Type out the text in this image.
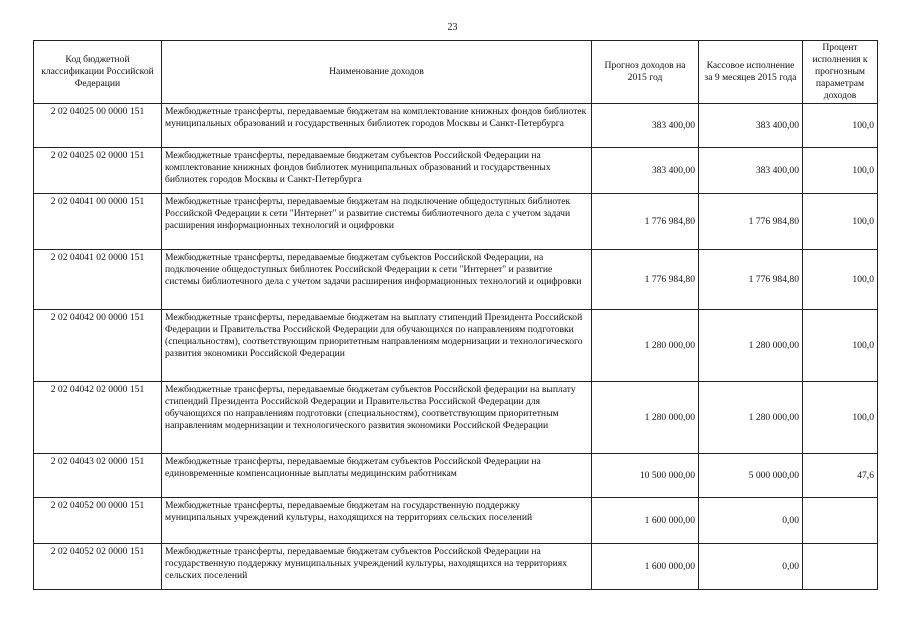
23
Код бюджетной классификации Российской Федерации	Наименование доходов	Прогноз доходов на 2015 год	Кассовое исполнение за 9 месяцев 2015 года	Процент исполнения к прогнозным параметрам доходов
2 02 04025 00 0000 151	Межбюджетные трансферты, передаваемые бюджетам на комплектование книжных фондов библиотек муниципальных образований и государственных библиотек городов Москвы и Санкт-Петербурга	383 400,00	383 400,00	100,0
2 02 04025 02 0000 151	Межбюджетные трансферты, передаваемые бюджетам субъектов Российской Федерации на комплектование книжных фондов библиотек муниципальных образований и государственных библиотек городов Москвы и Санкт-Петербурга	383 400,00	383 400,00	100,0
2 02 04041 00 0000 151	Межбюджетные трансферты, передаваемые бюджетам на подключение общедоступных библиотек Российской Федерации к сети "Интернет" и развитие системы библиотечного дела с учетом задачи расширения информационных технологий и оцифровки	1 776 984,80	1 776 984,80	100,0
2 02 04041 02 0000 151	Межбюджетные трансферты, передаваемые бюджетам субъектов Российской Федерации, на подключение общедоступных библиотек Российской Федерации к сети "Интернет" и развитие системы библиотечного дела с учетом задачи расширения информационных технологий и оцифровки	1 776 984,80	1 776 984,80	100,0
2 02 04042 00 0000 151	Межбюджетные трансферты, передаваемые бюджетам на выплату стипендий Президента Российской Федерации и Правительства Российской Федерации для обучающихся по направлениям подготовки (специальностям), соответствующим приоритетным направлениям модернизации и технологического развития экономики Российской Федерации	1 280 000,00	1 280 000,00	100,0
2 02 04042 02 0000 151	Межбюджетные трансферты, передаваемые бюджетам субъектов Российской федерации на выплату стипендий Президента Российской Федерации и Правительства Российской Федерации для обучающихся по направлениям подготовки (специальностям), соответствующим приоритетным направлениям модернизации и технологического развития экономики Российской Федерации	1 280 000,00	1 280 000,00	100,0
2 02 04043 02 0000 151	Межбюджетные трансферты, передаваемые бюджетам субъектов Российской Федерации на единовременные компенсационные выплаты медицинским работникам	10 500 000,00	5 000 000,00	47,6
2 02 04052 00 0000 151	Межбюджетные трансферты, передаваемые бюджетам на государственную поддержку муниципальных учреждений культуры, находящихся на территориях сельских поселений	1 600 000,00	0,00	
2 02 04052 02 0000 151	Межбюджетные трансферты, передаваемые бюджетам субъектов Российской Федерации на государственную поддержку муниципальных учреждений культуры, находящихся на территориях сельских поселений	1 600 000,00	0,00	
